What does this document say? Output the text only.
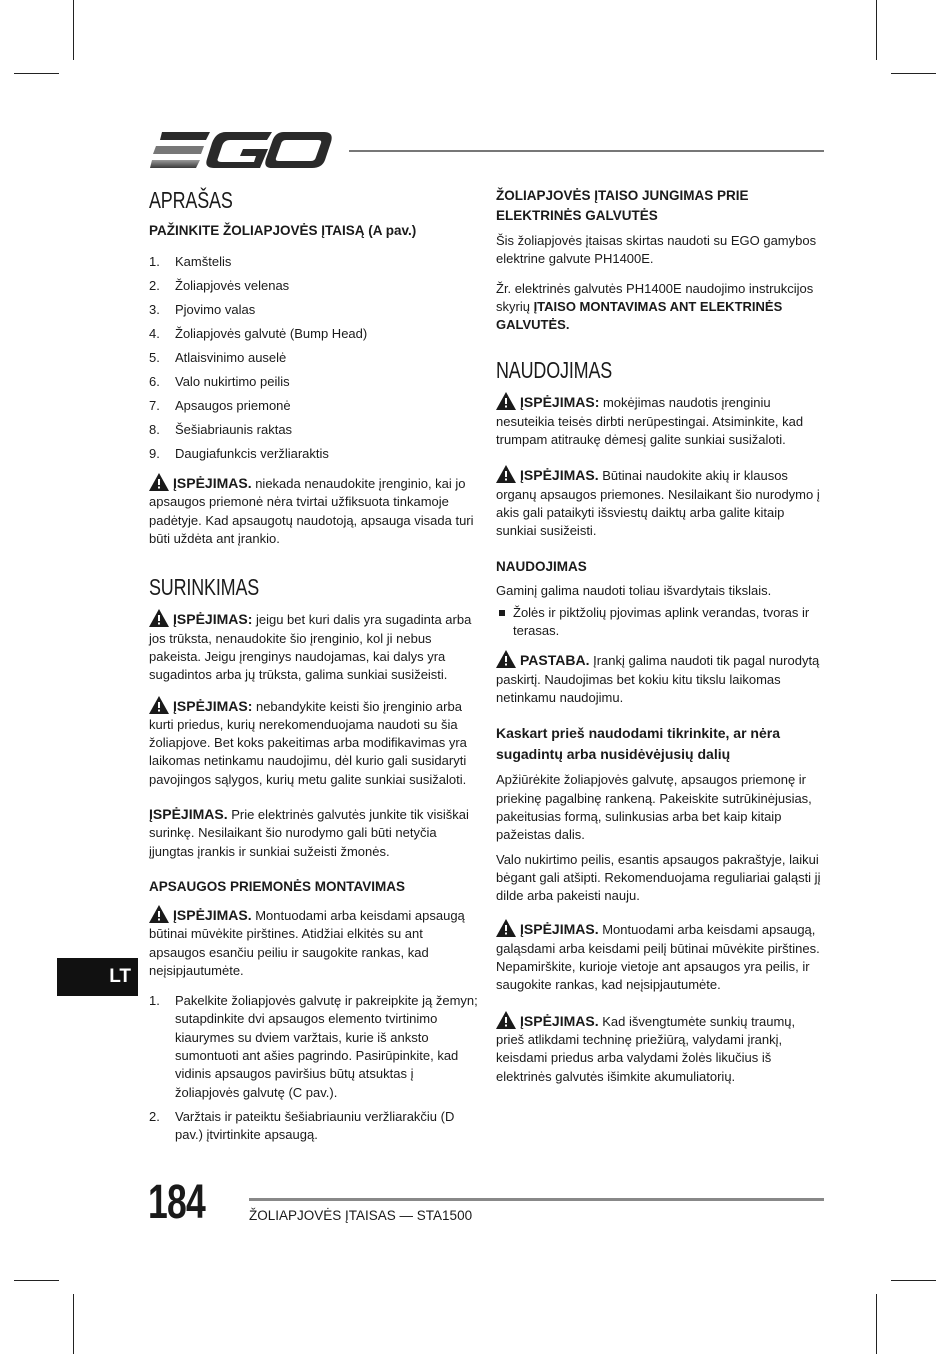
APRAŠAS
PAŽINKITE ŽOLIAPJOVĖS ĮTAISĄ (A pav.)
1. Kamštelis
2. Žoliapjovės velenas
3. Pjovimo valas
4. Žoliapjovės galvutė (Bump Head)
5. Atlaisvinimo auselė
6. Valo nukirtimo peilis
7. Apsaugos priemonė
8. Šešiabriaunis raktas
9. Daugiafunkcis veržliaraktis

ĮSPĖJIMAS. niekada nenaudokite įrenginio, kai jo apsaugos priemonė nėra tvirtai užfiksuota tinkamoje padėtyje. Kad apsaugotų naudotoją, apsauga visada turi būti uždėta ant įrankio.

SURINKIMAS

ĮSPĖJIMAS: jeigu bet kuri dalis yra sugadinta arba jos trūksta, nenaudokite šio įrenginio, kol ji nebus pakeista. Jeigu įrenginys naudojamas, kai dalys yra sugadintos arba jų trūksta, galima sunkiai susižeisti.

ĮSPĖJIMAS: nebandykite keisti šio įrenginio arba kurti priedus, kurių nerekomenduojama naudoti su šia žoliapjove. Bet koks pakeitimas arba modifikavimas yra laikomas netinkamu naudojimu, dėl kurio gali susidaryti pavojingos sąlygos, kurių metu galite sunkiai susižaloti.

ĮSPĖJIMAS. Prie elektrinės galvutės junkite tik visiškai surinkę. Nesilaikant šio nurodymo gali būti netyčia įjungtas įrankis ir sunkiai sužeisti žmonės.

APSAUGOS PRIEMONĖS MONTAVIMAS

ĮSPĖJIMAS. Montuodami arba keisdami apsaugą būtinai mūvėkite pirštines. Atidžiai elkitės su ant apsaugos esančiu peiliu ir saugokite rankas, kad neįsipjautumėte.

1. Pakelkite žoliapjovės galvutę ir pakreipkite ją žemyn; sutapdinkite dvi apsaugos elemento tvirtinimo kiaurymes su dviem varžtais, kurie iš anksto sumontuoti ant ašies pagrindo. Pasirūpinkite, kad vidinis apsaugos paviršius būtų atsuktas į žoliapjovės galvutę (C pav.).
2. Varžtais ir pateiktu šešiabriauniu veržliarakčiu (D pav.) įtvirtinkite apsaugą.
ŽOLIAPJOVĖS ĮTAISO JUNGIMAS PRIE ELEKTRINĖS GALVUTĖS

Šis žoliapjovės įtaisas skirtas naudoti su EGO gamybos elektrine galvute PH1400E.

Žr. elektrinės galvutės PH1400E naudojimo instrukcijos skyrių ĮTAISO MONTAVIMAS ANT ELEKTRINĖS GALVUTĖS.

NAUDOJIMAS

ĮSPĖJIMAS: mokėjimas naudotis įrenginiu nesuteikia teisės dirbti nerūpestingai. Atsiminkite, kad trumpam atitraukę dėmesį galite sunkiai susižaloti.

ĮSPĖJIMAS. Būtinai naudokite akių ir klausos organų apsaugos priemones. Nesilaikant šio nurodymo į akis gali pataikyti išsviestų daiktų arba galite kitaip sunkiai susižeisti.

NAUDOJIMAS

Gaminį galima naudoti toliau išvardytais tikslais.

Žolės ir piktžolių pjovimas aplink verandas, tvoras ir terasas.

PASTABA. Įrankį galima naudoti tik pagal nurodytą paskirtį. Naudojimas bet kokiu kitu tikslu laikomas netinkamu naudojimu.

Kaskart prieš naudodami tikrinkite, ar nėra sugadintų arba nusidėvėjusių dalių

Apžiūrėkite žoliapjovės galvutę, apsaugos priemonę ir priekinę pagalbinę rankeną. Pakeiskite sutrūkinėjusias, pakeitusias formą, sulinkusias arba bet kaip kitaip pažeistas dalis.

Valo nukirtimo peilis, esantis apsaugos pakraštyje, laikui bėgant gali atšipti. Rekomenduojama reguliariai galąsti jį dilde arba pakeisti nauju.

ĮSPĖJIMAS. Montuodami arba keisdami apsaugą, galąsdami arba keisdami peilį būtinai mūvėkite pirštines. Nepamirškite, kurioje vietoje ant apsaugos yra peilis, ir saugokite rankas, kad neįsipjautumėte.

ĮSPĖJIMAS. Kad išvengtumėte sunkių traumų, prieš atlikdami techninę priežiūrą, valydami įrankį, keisdami priedus arba valydami žolės likučius iš elektrinės galvutės išimkite akumuliatorių.

LT
184	ŽOLIAPJOVĖS ĮTAISAS — STA1500
